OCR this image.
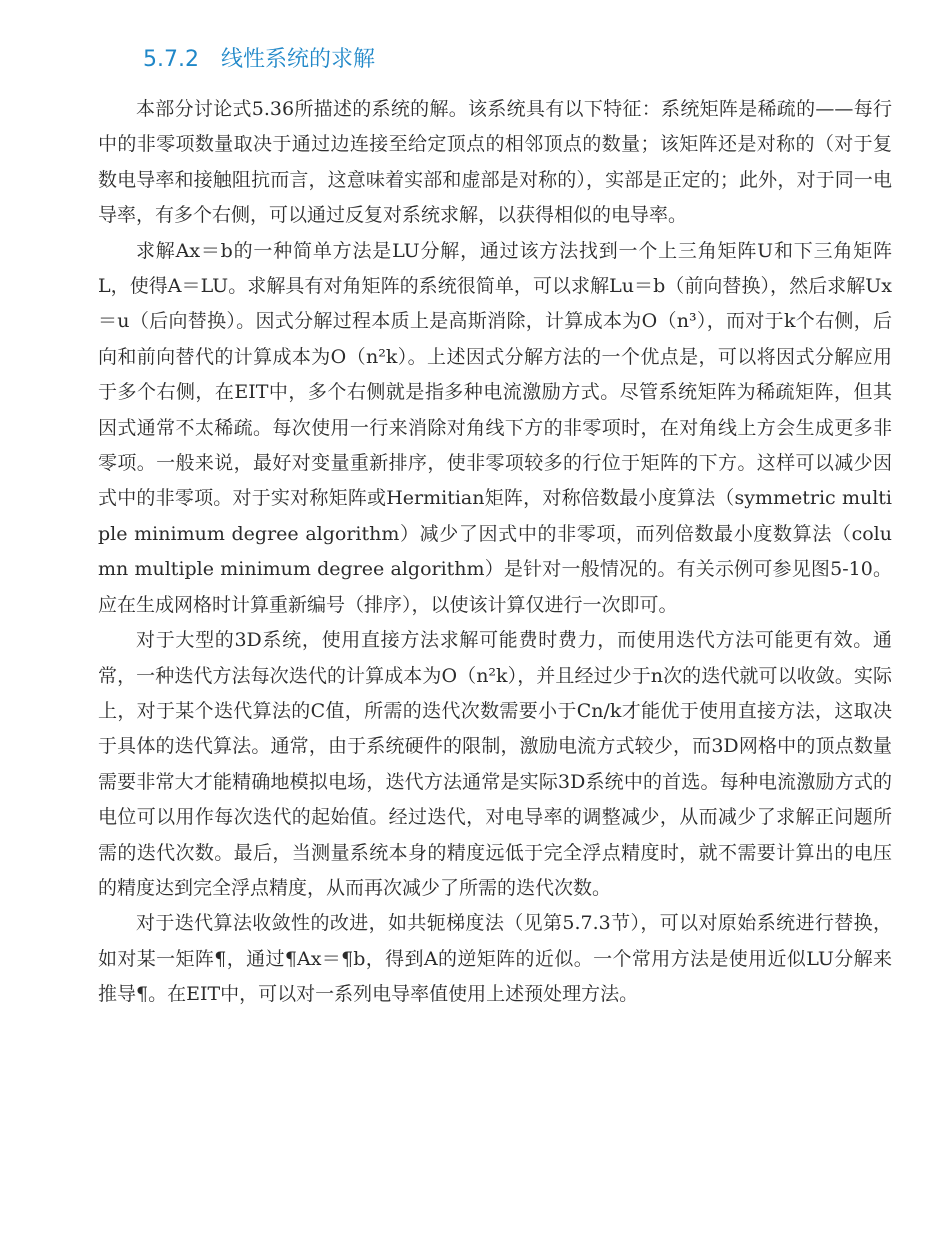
5.7.2 线性系统的求解

本部分讨论式5.36所描述的系统的解。该系统具有以下特征：系统矩阵是稀疏的——每行中的非零项数量取决于通过边连接至给定顶点的相邻顶点的数量；该矩阵还是对称的（对于复数电导率和接触阻抗而言，这意味着实部和虚部是对称的），实部是正定的；此外，对于同一电导率，有多个右侧，可以通过反复对系统求解，以获得相似的电导率。

求解Ax＝b的一种简单方法是LU分解，通过该方法找到一个上三角矩阵U和下三角矩阵L，使得A＝LU。求解具有对角矩阵的系统很简单，可以求解Lu＝b（前向替换），然后求解Ux＝u（后向替换）。因式分解过程本质上是高斯消除，计算成本为O（n³），而对于k个右侧，后向和前向替代的计算成本为O（n²k）。上述因式分解方法的一个优点是，可以将因式分解应用于多个右侧，在EIT中，多个右侧就是指多种电流激励方式。尽管系统矩阵为稀疏矩阵，但其因式通常不太稀疏。每次使用一行来消除对角线下方的非零项时，在对角线上方会生成更多非零项。一般来说，最好对变量重新排序，使非零项较多的行位于矩阵的下方。这样可以减少因式中的非零项。对于实对称矩阵或Hermitian矩阵，对称倍数最小度算法（symmetric multiple minimum degree algorithm）减少了因式中的非零项，而列倍数最小度数算法（column multiple minimum degree algorithm）是针对一般情况的。有关示例可参见图5-10。应在生成网格时计算重新编号（排序），以使该计算仅进行一次即可。

对于大型的3D系统，使用直接方法求解可能费时费力，而使用迭代方法可能更有效。通常，一种迭代方法每次迭代的计算成本为O（n²k），并且经过少于n次的迭代就可以收敛。实际上，对于某个迭代算法的C值，所需的迭代次数需要小于Cn/k才能优于使用直接方法，这取决于具体的迭代算法。通常，由于系统硬件的限制，激励电流方式较少，而3D网格中的顶点数量需要非常大才能精确地模拟电场，迭代方法通常是实际3D系统中的首选。每种电流激励方式的电位可以用作每次迭代的起始值。经过迭代，对电导率的调整减少，从而减少了求解正问题所需的迭代次数。最后，当测量系统本身的精度远低于完全浮点精度时，就不需要计算出的电压的精度达到完全浮点精度，从而再次减少了所需的迭代次数。

对于迭代算法收敛性的改进，如共轭梯度法（见第5.7.3节），可以对原始系统进行替换，如对某一矩阵¶，通过¶Ax＝¶b，得到A的逆矩阵的近似。一个常用方法是使用近似LU分解来推导¶。在EIT中，可以对一系列电导率值使用上述预处理方法。
